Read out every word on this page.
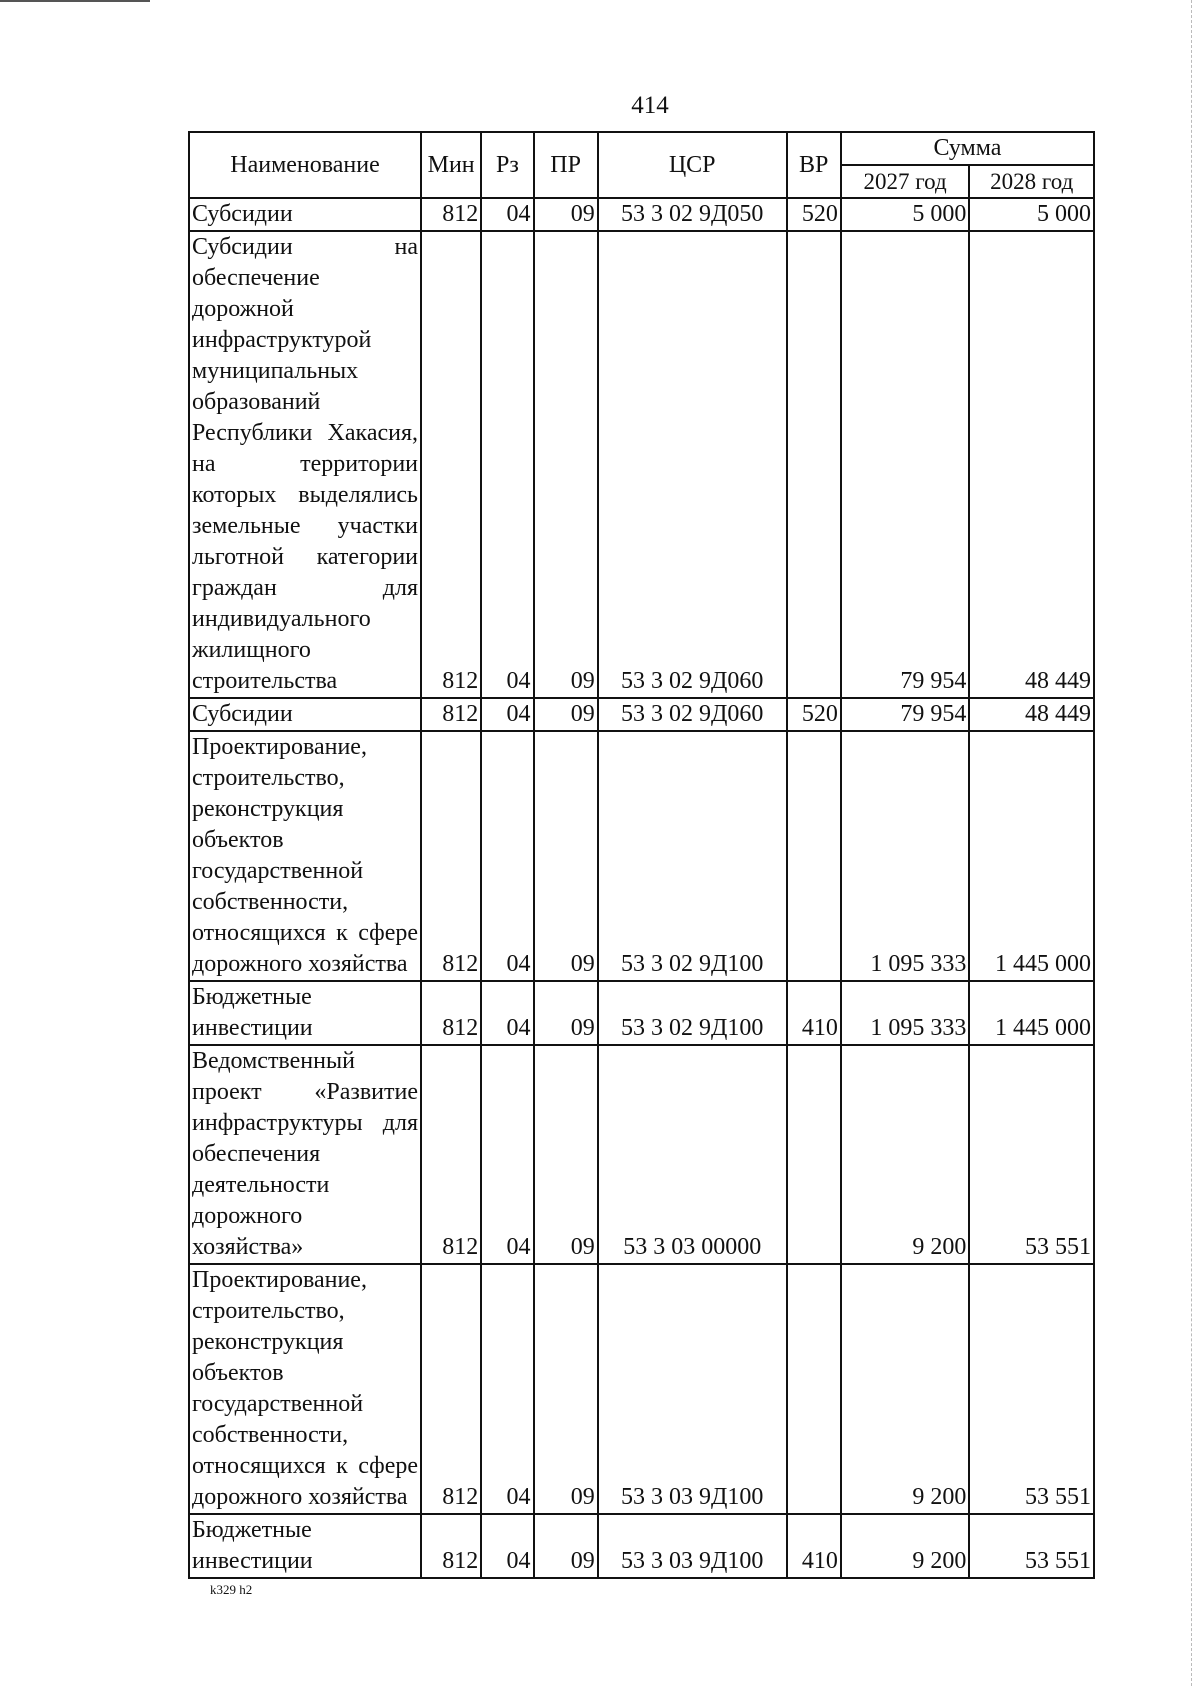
414
Наименование	Мин	Рз	ПР	ЦСР	ВР	Сумма	
						2027 год	2028 год
Субсидии	812	04	09	53 3 02 9Д050	520	5 000	5 000
Субсидии на обеспечение дорожной инфраструктурой муниципальных образований Республики Хакасия, на территории которых выделялись земельные участки льготной категории граждан для индивидуального жилищного строительства	812	04	09	53 3 02 9Д060		79 954	48 449
Субсидии	812	04	09	53 3 02 9Д060	520	79 954	48 449
Проектирование, строительство, реконструкция объектов государственной собственности, относящихся к сфере дорожного хозяйства	812	04	09	53 3 02 9Д100		1 095 333	1 445 000
Бюджетные инвестиции	812	04	09	53 3 02 9Д100	410	1 095 333	1 445 000
Ведомственный проект «Развитие инфраструктуры для обеспечения деятельности дорожного хозяйства»	812	04	09	53 3 03 00000		9 200	53 551
Проектирование, строительство, реконструкция объектов государственной собственности, относящихся к сфере дорожного хозяйства	812	04	09	53 3 03 9Д100		9 200	53 551
Бюджетные инвестиции	812	04	09	53 3 03 9Д100	410	9 200	53 551
k329 h2
